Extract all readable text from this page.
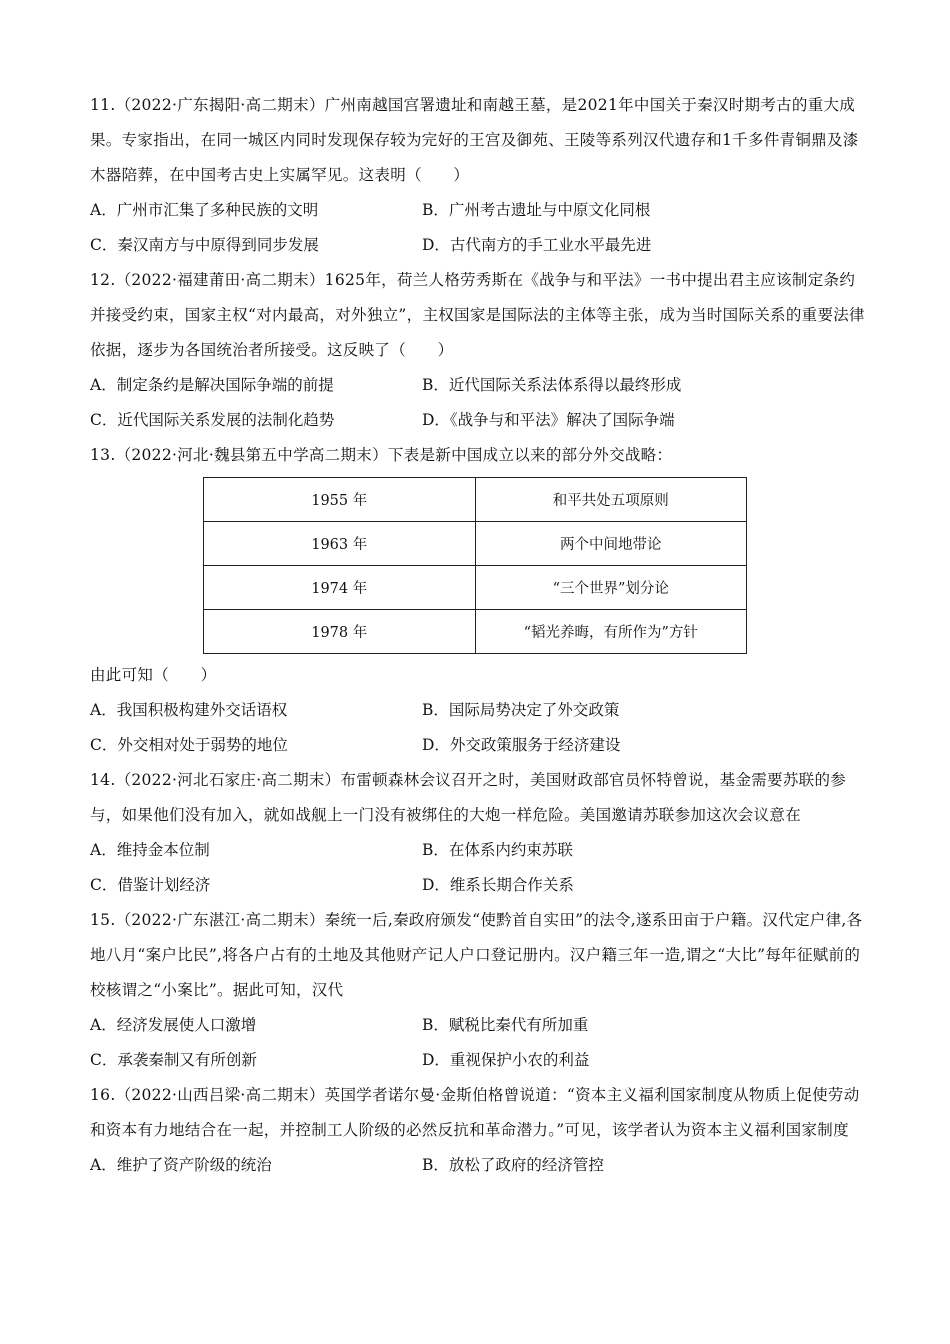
11.（2022·广东揭阳·高二期末）广州南越国宫署遗址和南越王墓，是2021年中国关于秦汉时期考古的重大成果。专家指出，在同一城区内同时发现保存较为完好的王宫及御苑、王陵等系列汉代遗存和1千多件青铜鼎及漆木器陪葬，在中国考古史上实属罕见。这表明（　　）

A．广州市汇集了多种民族的文明	B．广州考古遗址与中原文化同根
C．秦汉南方与中原得到同步发展	D．古代南方的手工业水平最先进

12.（2022·福建莆田·高二期末）1625年，荷兰人格劳秀斯在《战争与和平法》一书中提出君主应该制定条约并接受约束，国家主权“对内最高，对外独立”，主权国家是国际法的主体等主张，成为当时国际关系的重要法律依据，逐步为各国统治者所接受。这反映了（　　）

A．制定条约是解决国际争端的前提	B．近代国际关系法体系得以最终形成
C．近代国际关系发展的法制化趋势	D．《战争与和平法》解决了国际争端

13.（2022·河北·魏县第五中学高二期末）下表是新中国成立以来的部分外交战略：

1955 年	和平共处五项原则
1963 年	两个中间地带论
1974 年	“三个世界”划分论
1978 年	“韬光养晦，有所作为”方针

由此可知（　　）

A．我国积极构建外交话语权	B．国际局势决定了外交政策
C．外交相对处于弱势的地位	D．外交政策服务于经济建设

14.（2022·河北石家庄·高二期末）布雷顿森林会议召开之时，美国财政部官员怀特曾说，基金需要苏联的参与，如果他们没有加入，就如战舰上一门没有被绑住的大炮一样危险。美国邀请苏联参加这次会议意在

A．维持金本位制	B．在体系内约束苏联
C．借鉴计划经济	D．维系长期合作关系

15.（2022·广东湛江·高二期末）秦统一后,秦政府颁发“使黔首自实田”的法令,遂系田亩于户籍。汉代定户律,各地八月“案户比民”,将各户占有的土地及其他财产记人户口登记册内。汉户籍三年一造,谓之“大比”每年征赋前的校核谓之“小案比”。据此可知，汉代

A．经济发展使人口激增	B．赋税比秦代有所加重
C．承袭秦制又有所创新	D．重视保护小农的利益

16.（2022·山西吕梁·高二期末）英国学者诺尔曼·金斯伯格曾说道：“资本主义福利国家制度从物质上促使劳动和资本有力地结合在一起，并控制工人阶级的必然反抗和革命潜力。”可见，该学者认为资本主义福利国家制度

A．维护了资产阶级的统治	B．放松了政府的经济管控
